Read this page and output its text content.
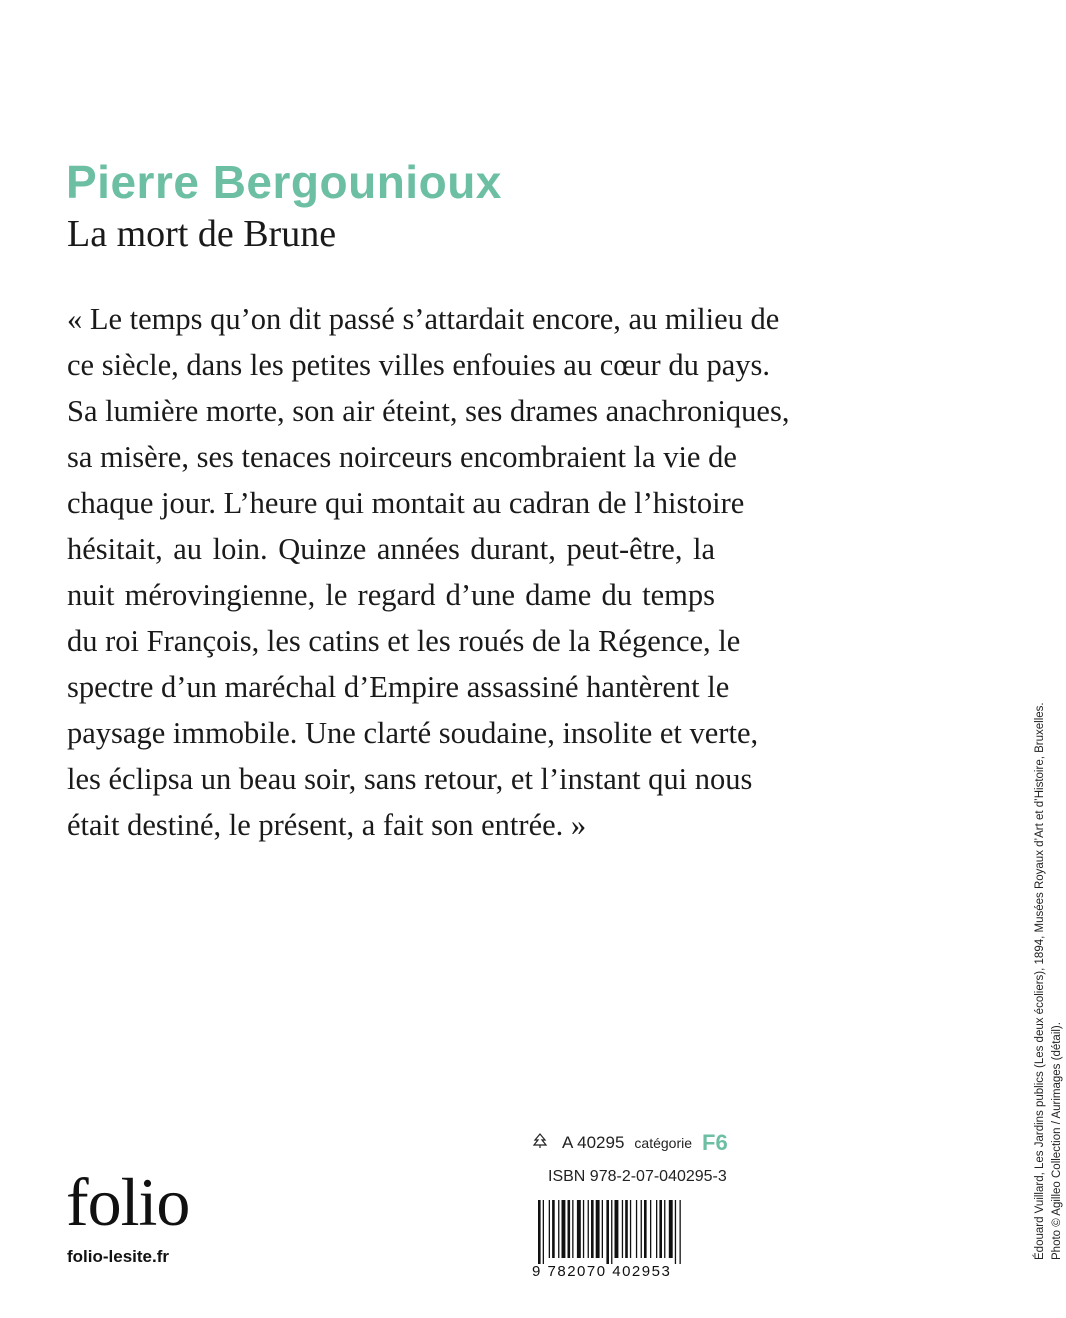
Pierre Bergounioux
La mort de Brune
« Le temps qu’on dit passé s’attardait encore, au milieu de
ce siècle, dans les petites villes enfouies au cœur du pays.
Sa lumière morte, son air éteint, ses drames anachroniques,
sa misère, ses tenaces noirceurs encombraient la vie de
chaque jour. L’heure qui montait au cadran de l’histoire
hésitait, au loin. Quinze années durant, peut-être, la
nuit mérovingienne, le regard d’une dame du temps
du roi François, les catins et les roués de la Régence, le
spectre d’un maréchal d’Empire assassiné hantèrent le
paysage immobile. Une clarté soudaine, insolite et verte,
les éclipsa un beau soir, sans retour, et l’instant qui nous
était destiné, le présent, a fait son entrée. »	Édouard Vuillard, Les Jardins publics (Les deux écoliers), 1894, Musées Royaux d’Art et d’Histoire, Bruxelles. Photo © Agilleo Collection / Aurimages (détail).
A 40295 catégorie F6
ISBN 978-2-07-040295-3
9 782070 402953
folio
folio-lesite.fr
